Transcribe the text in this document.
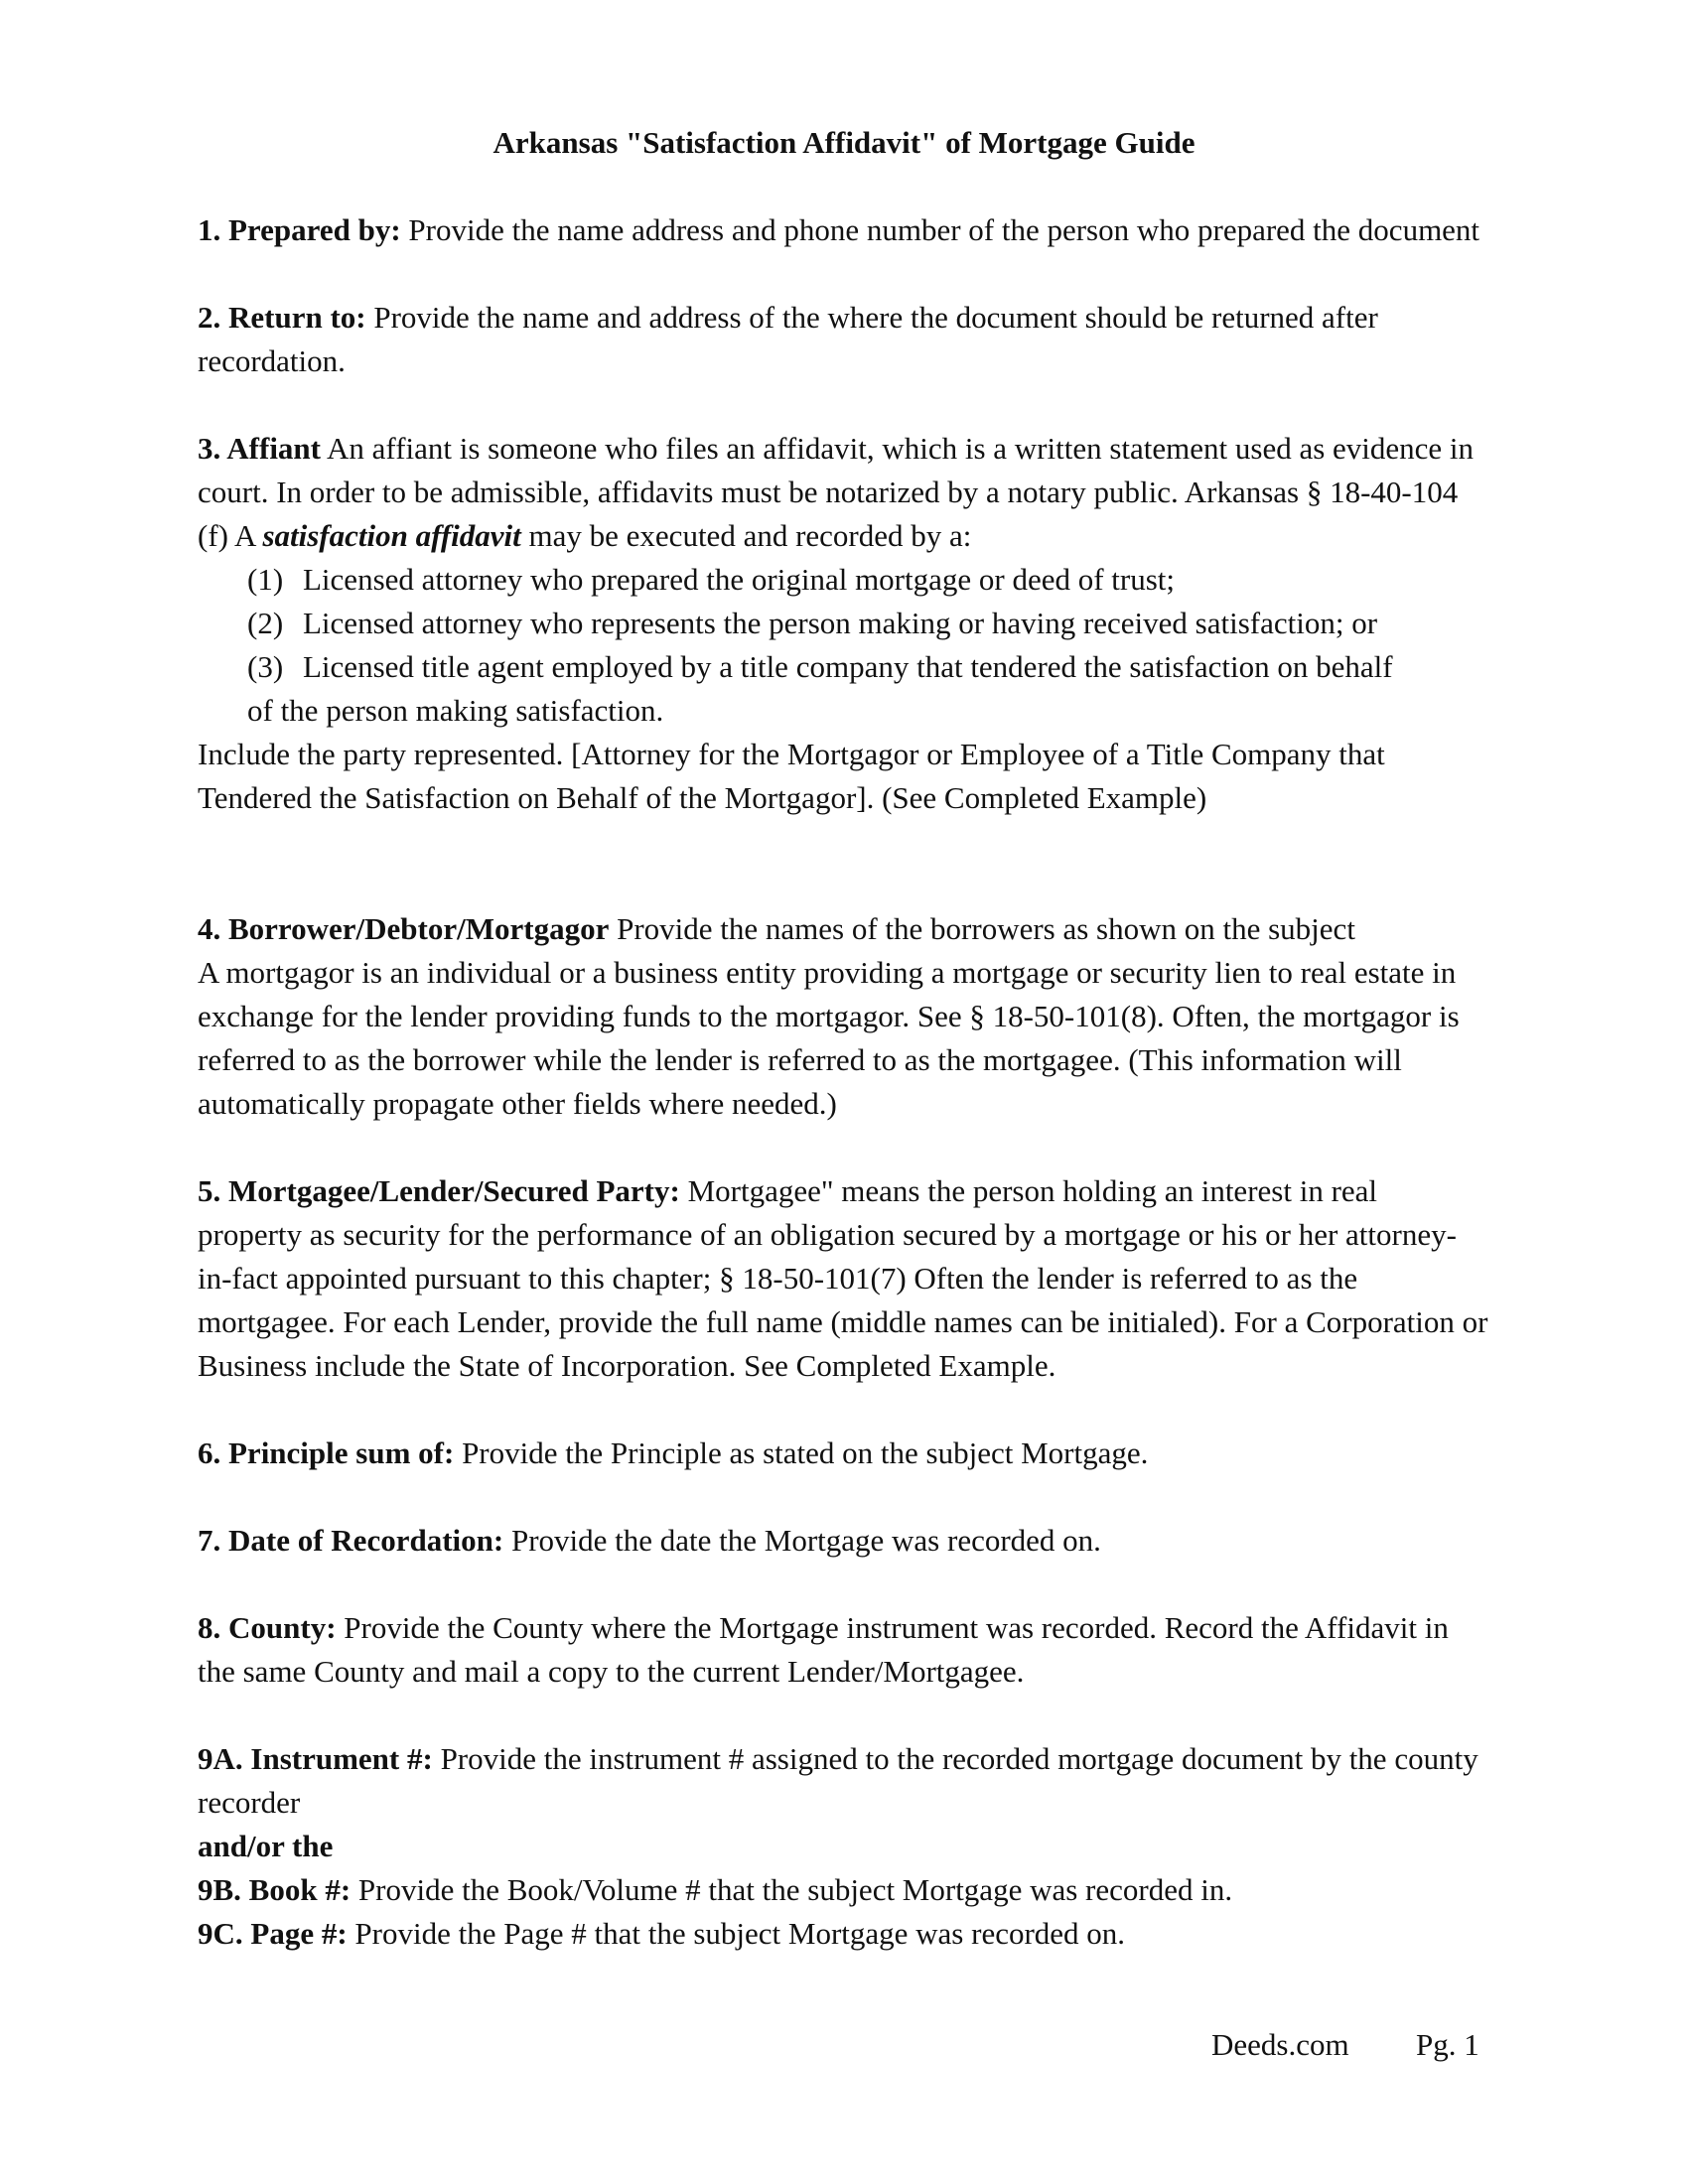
Arkansas "Satisfaction Affidavit" of Mortgage Guide

1. Prepared by: Provide the name address and phone number of the person who prepared the document

2. Return to: Provide the name and address of the where the document should be returned after recordation.

3. Affiant An affiant is someone who files an affidavit, which is a written statement used as evidence in court. In order to be admissible, affidavits must be notarized by a notary public. Arkansas § 18-40-104 (f) A satisfaction affidavit may be executed and recorded by a:

(1) Licensed attorney who prepared the original mortgage or deed of trust;

(2) Licensed attorney who represents the person making or having received satisfaction; or

(3) Licensed title agent employed by a title company that tendered the satisfaction on behalf
of the person making satisfaction.

Include the party represented. [Attorney for the Mortgagor or Employee of a Title Company that Tendered the Satisfaction on Behalf of the Mortgagor]. (See Completed Example)

4. Borrower/Debtor/Mortgagor Provide the names of the borrowers as shown on the subject

A mortgagor is an individual or a business entity providing a mortgage or security lien to real estate in exchange for the lender providing funds to the mortgagor. See § 18-50-101(8). Often, the mortgagor is referred to as the borrower while the lender is referred to as the mortgagee. (This information will automatically propagate other fields where needed.)

5. Mortgagee/Lender/Secured Party: Mortgagee" means the person holding an interest in real property as security for the performance of an obligation secured by a mortgage or his or her attorney-in-fact appointed pursuant to this chapter; § 18-50-101(7) Often the lender is referred to as the mortgagee. For each Lender, provide the full name (middle names can be initialed). For a Corporation or Business include the State of Incorporation. See Completed Example.

6. Principle sum of: Provide the Principle as stated on the subject Mortgage.

7. Date of Recordation: Provide the date the Mortgage was recorded on.

8. County: Provide the County where the Mortgage instrument was recorded. Record the Affidavit in the same County and mail a copy to the current Lender/Mortgagee.

9A. Instrument #: Provide the instrument # assigned to the recorded mortgage document by the county recorder

and/or the

9B. Book #: Provide the Book/Volume # that the subject Mortgage was recorded in.

9C. Page #: Provide the Page # that the subject Mortgage was recorded on.

Deeds.com Pg. 1
